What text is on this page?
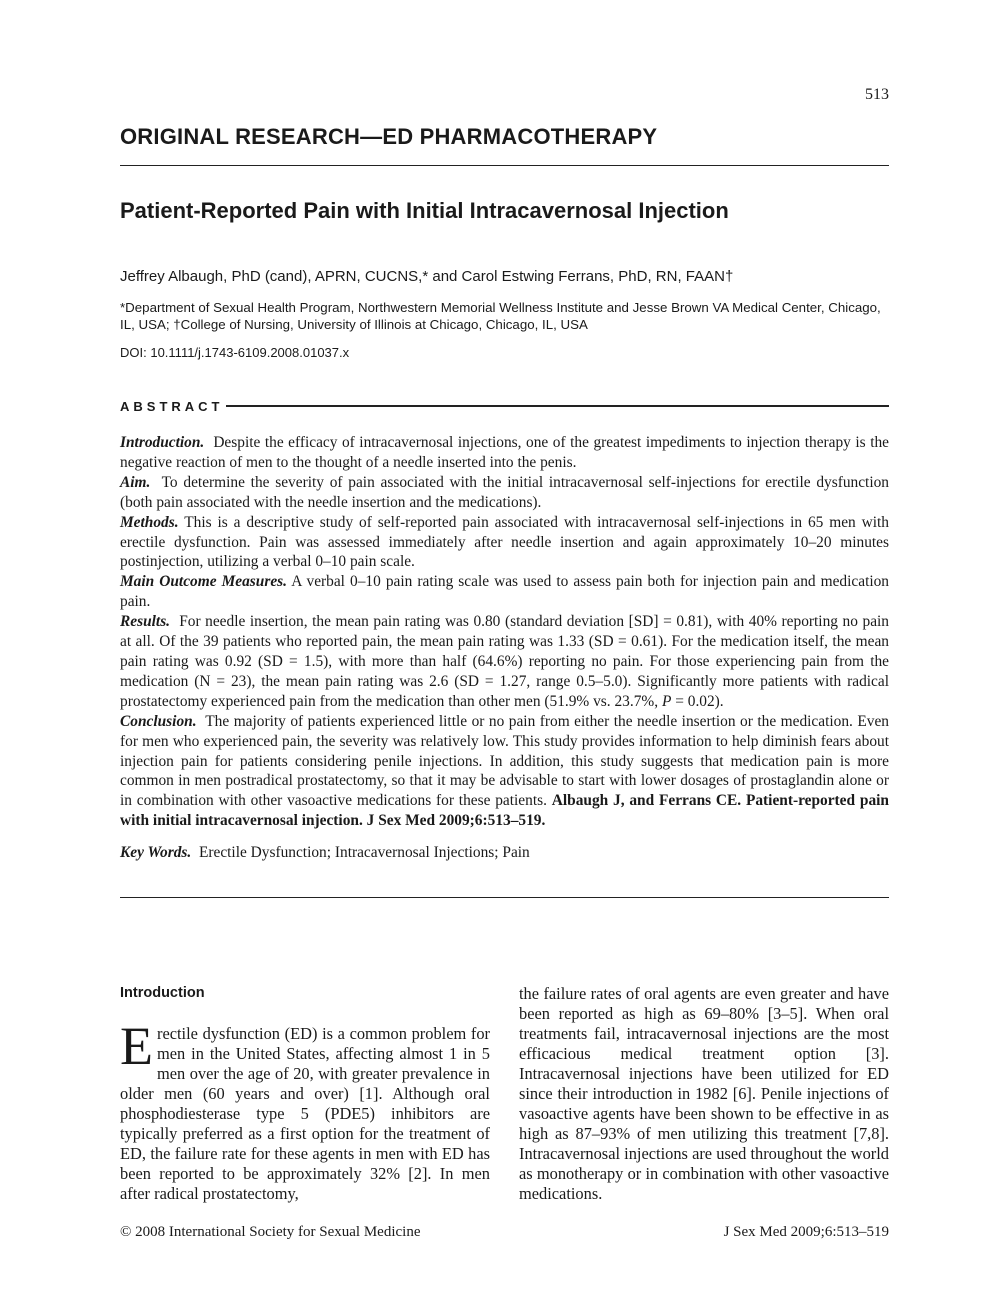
513
ORIGINAL RESEARCH—ED PHARMACOTHERAPY
Patient-Reported Pain with Initial Intracavernosal Injection
Jeffrey Albaugh, PhD (cand), APRN, CUCNS,* and Carol Estwing Ferrans, PhD, RN, FAAN†
*Department of Sexual Health Program, Northwestern Memorial Wellness Institute and Jesse Brown VA Medical Center, Chicago, IL, USA; †College of Nursing, University of Illinois at Chicago, Chicago, IL, USA
DOI: 10.1111/j.1743-6109.2008.01037.x
ABSTRACT

Introduction. Despite the efficacy of intracavernosal injections, one of the greatest impediments to injection therapy is the negative reaction of men to the thought of a needle inserted into the penis.

Aim. To determine the severity of pain associated with the initial intracavernosal self-injections for erectile dysfunction (both pain associated with the needle insertion and the medications).

Methods. This is a descriptive study of self-reported pain associated with intracavernosal self-injections in 65 men with erectile dysfunction. Pain was assessed immediately after needle insertion and again approximately 10–20 minutes postinjection, utilizing a verbal 0–10 pain scale.

Main Outcome Measures. A verbal 0–10 pain rating scale was used to assess pain both for injection pain and medication pain.

Results. For needle insertion, the mean pain rating was 0.80 (standard deviation [SD] = 0.81), with 40% reporting no pain at all. Of the 39 patients who reported pain, the mean pain rating was 1.33 (SD = 0.61). For the medication itself, the mean pain rating was 0.92 (SD = 1.5), with more than half (64.6%) reporting no pain. For those experiencing pain from the medication (N = 23), the mean pain rating was 2.6 (SD = 1.27, range 0.5–5.0). Significantly more patients with radical prostatectomy experienced pain from the medication than other men (51.9% vs. 23.7%, P = 0.02).

Conclusion. The majority of patients experienced little or no pain from either the needle insertion or the medication. Even for men who experienced pain, the severity was relatively low. This study provides information to help diminish fears about injection pain for patients considering penile injections. In addition, this study suggests that medication pain is more common in men postradical prostatectomy, so that it may be advisable to start with lower dosages of prostaglandin alone or in combination with other vasoactive medications for these patients. Albaugh J, and Ferrans CE. Patient-reported pain with initial intracavernosal injection. J Sex Med 2009;6:513–519.

Key Words. Erectile Dysfunction; Intracavernosal Injections; Pain
Introduction

Erectile dysfunction (ED) is a common problem for men in the United States, affecting almost 1 in 5 men over the age of 20, with greater prevalence in older men (60 years and over) [1]. Although oral phosphodiesterase type 5 (PDE5) inhibitors are typically preferred as a first option for the treatment of ED, the failure rate for these agents in men with ED has been reported to be approximately 32% [2]. In men after radical prostatectomy,

the failure rates of oral agents are even greater and have been reported as high as 69–80% [3–5]. When oral treatments fail, intracavernosal injections are the most efficacious medical treatment option [3]. Intracavernosal injections have been utilized for ED since their introduction in 1982 [6]. Penile injections of vasoactive agents have been shown to be effective in as high as 87–93% of men utilizing this treatment [7,8]. Intracavernosal injections are used throughout the world as monotherapy or in combination with other vasoactive medications.

© 2008 International Society for Sexual Medicine	J Sex Med 2009;6:513–519
